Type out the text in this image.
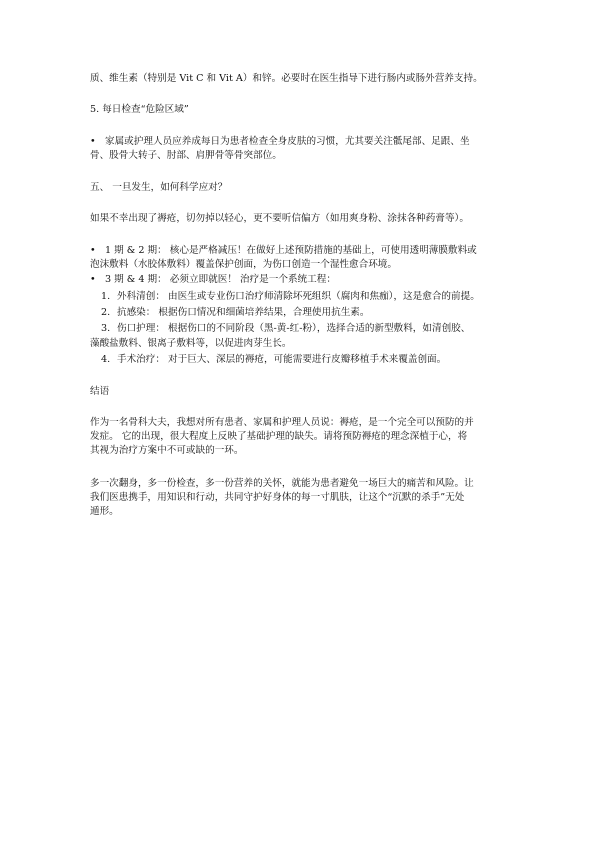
质、维生素（特别是 Vit C 和 Vit A）和锌。必要时在医生指导下进行肠内或肠外营养支持。
5. 每日检查“危险区域”
• 家属或护理人员应养成每日为患者检查全身皮肤的习惯，尤其要关注骶尾部、足跟、坐
骨、股骨大转子、肘部、肩胛骨等骨突部位。
五、 一旦发生，如何科学应对？
如果不幸出现了褥疮，切勿掉以轻心，更不要听信偏方（如用爽身粉、涂抹各种药膏等）。
• 1 期 & 2 期： 核心是严格减压！在做好上述预防措施的基础上，可使用透明薄膜敷料或
泡沫敷料（水胶体敷料）覆盖保护创面，为伤口创造一个湿性愈合环境。
• 3 期 & 4 期： 必须立即就医！ 治疗是一个系统工程：
1. 外科清创： 由医生或专业伤口治疗师清除坏死组织（腐肉和焦痂），这是愈合的前提。
2. 抗感染： 根据伤口情况和细菌培养结果，合理使用抗生素。
3. 伤口护理： 根据伤口的不同阶段（黑-黄-红-粉），选择合适的新型敷料，如清创胶、
藻酸盐敷料、银离子敷料等，以促进肉芽生长。
4. 手术治疗： 对于巨大、深层的褥疮，可能需要进行皮瓣移植手术来覆盖创面。
结语
作为一名骨科大夫，我想对所有患者、家属和护理人员说：褥疮，是一个完全可以预防的并
发症。 它的出现，很大程度上反映了基础护理的缺失。请将预防褥疮的理念深植于心，将
其视为治疗方案中不可或缺的一环。
多一次翻身，多一份检查，多一份营养的关怀，就能为患者避免一场巨大的痛苦和风险。让
我们医患携手，用知识和行动，共同守护好身体的每一寸肌肤，让这个“沉默的杀手”无处
遁形。
